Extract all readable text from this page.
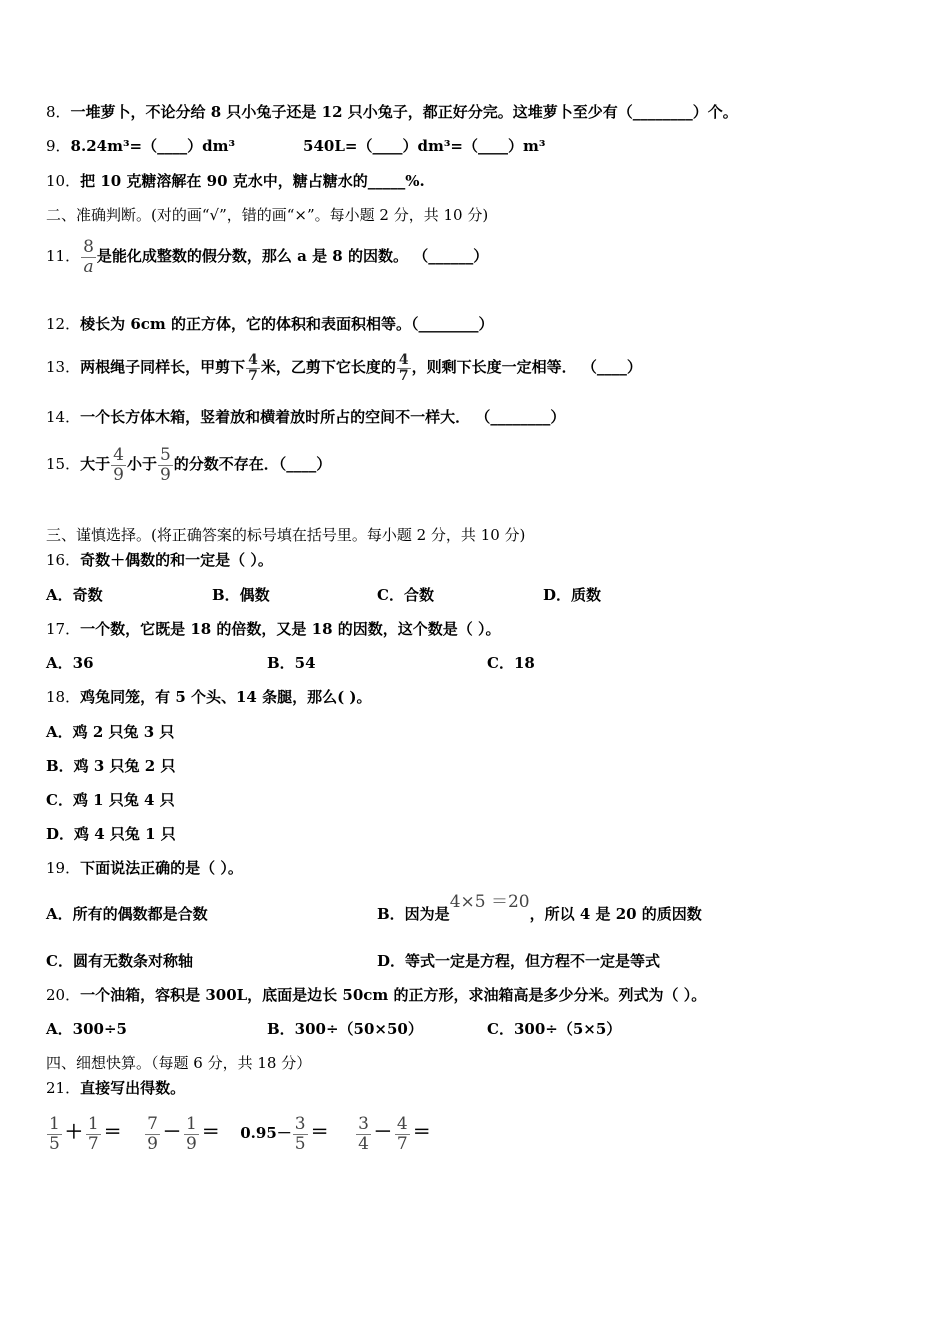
8．一堆萝卜，不论分给 8 只小兔子还是 12 只小兔子，都正好分完。这堆萝卜至少有（________）个。
9．8.24m³=（____）dm³	540L=（____）dm³=（____）m³
10．把 10 克糖溶解在 90 克水中，糖占糖水的_____%.
二、准确判断。(对的画“√”，错的画“×”。每小题 2 分，共 10 分)
11． $\frac{8}{a}$ 是能化成整数的假分数，那么 a 是 8 的因数。 （______）
12．棱长为 6cm 的正方体，它的体积和表面积相等。（________）
13．两根绳子同样长，甲剪下 $\frac{4}{7}$ 米，乙剪下它长度的 $\frac{4}{7}$ ，则剩下长度一定相等． （____）
14．一个长方体木箱，竖着放和横着放时所占的空间不一样大． （________）
15．大于 $\frac{4}{9}$ 小于 $\frac{5}{9}$ 的分数不存在．（____）
三、谨慎选择。(将正确答案的标号填在括号里。每小题 2 分，共 10 分)
16．奇数＋偶数的和一定是（ ）。
A．奇数	B．偶数	C．合数	D．质数
17．一个数，它既是 18 的倍数，又是 18 的因数，这个数是（ ）。
A．36	B．54	C．18
18．鸡兔同笼，有 5 个头、14 条腿，那么( )。
A．鸡 2 只兔 3 只
B．鸡 3 只兔 2 只
C．鸡 1 只兔 4 只
D．鸡 4 只兔 1 只
19．下面说法正确的是（ ）。
A．所有的偶数都是合数	B．因为是4×5 ＝20，所以 4 是 20 的质因数
C．圆有无数条对称轴	D．等式一定是方程，但方程不一定是等式
20．一个油箱，容积是 300L，底面是边长 50cm 的正方形，求油箱高是多少分米。列式为（ ）。
A．300÷5	B．300÷（50×50）	C．300÷（5×5）
四、细想快算。（每题 6 分，共 18 分）
21．直接写出得数。
$\frac{1}{5} + \frac{1}{7} = \frac{7}{9} - \frac{1}{9} = 0.95- \frac{3}{5} = \frac{3}{4} - \frac{4}{7}$ ＝
